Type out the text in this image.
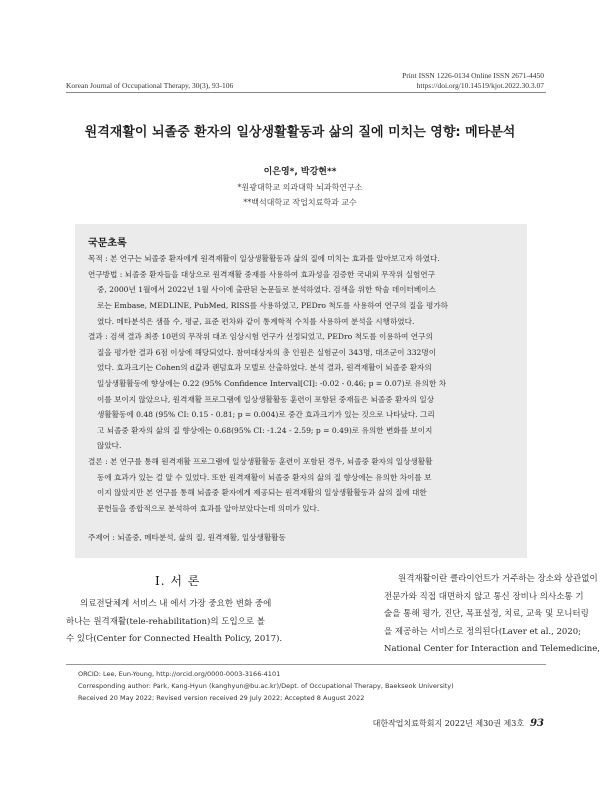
Korean Journal of Occupational Therapy, 30(3), 93-106
Print ISSN 1226-0134 Online ISSN 2671-4450
https://doi.org/10.14519/kjot.2022.30.3.07
원격재활이 뇌졸중 환자의 일상생활활동과 삶의 질에 미치는 영향: 메타분석
이은영*, 박강현**
*원광대학교 의과대학 뇌과학연구소
**백석대학교 작업치료학과 교수
국문초록
목적 : 본 연구는 뇌졸중 환자에게 원격재활이 일상생활활동과 삶의 질에 미치는 효과를 알아보고자 하였다.
연구방법 : 뇌졸중 환자들을 대상으로 원격재활 중재를 사용하여 효과성을 검증한 국내외 무작위 실험연구
중, 2000년 1월에서 2022년 1월 사이에 출판된 논문들로 분석하였다. 검색을 위한 학술 데이터베이스
로는 Embase, MEDLINE, PubMed, RISS를 사용하였고, PEDro 척도를 사용하여 연구의 질을 평가하
였다. 메타분석은 샘플 수, 평균, 표준 편차와 같이 통계학적 수치를 사용하여 분석을 시행하였다.
결과 : 검색 결과 최종 10편의 무작위 대조 임상시험 연구가 선정되었고, PEDro 척도를 이용하여 연구의
질을 평가한 결과 6점 이상에 해당되었다. 참여대상자의 총 인원은 실험군이 343명, 대조군이 332명이
었다. 효과크기는 Cohen의 d값과 랜덤효과 모델로 산출하였다. 분석 결과, 원격재활이 뇌졸중 환자의
일상생활활동에 향상에는 0.22 (95% Confidence Interval[CI]: -0.02 - 0.46; p = 0.07)로 유의한 차
이를 보이지 않았으나, 원격재활 프로그램에 일상생활활동 훈련이 포함된 중재들은 뇌졸중 환자의 일상
생활활동에 0.48 (95% CI: 0.15 - 0.81; p = 0.004)로 중간 효과크기가 있는 것으로 나타났다. 그리
고 뇌졸중 환자의 삶의 질 향상에는 0.68(95% CI: -1.24 - 2.59; p = 0.49)로 유의한 변화를 보이지
않았다.
결론 : 본 연구를 통해 원격재활 프로그램에 일상생활활동 훈련이 포함된 경우, 뇌졸중 환자의 일상생활활
동에 효과가 있는 걸 알 수 있었다. 또한 원격재활이 뇌졸중 환자의 삶의 질 향상에는 유의한 차이를 보
이지 않았지만 본 연구를 통해 뇌졸중 환자에게 제공되는 원격재활의 일상생활활동과 삶의 질에 대한
문헌들을 종합적으로 분석하여 효과를 알아보았다는데 의미가 있다.
주제어 : 뇌졸중, 메타분석, 삶의 질, 원격재활, 일상생활활동
Ⅰ. 서 론
의료전달체계 서비스 내 에서 가장 중요한 변화 중에
하나는 원격재활(tele-rehabilitation)의 도입으로 볼
수 있다(Center for Connected Health Policy, 2017).
원격재활이란 클라이언트가 거주하는 장소와 상관없이
전문가와 직접 대면하지 않고 통신 장비나 의사소통 기
술을 통해 평가, 진단, 목표설정, 치료, 교육 및 모니터링
을 제공하는 서비스로 정의된다(Laver et al., 2020;
National Center for Interaction and Telemedicine,
ORCID: Lee, Eun-Young, http://orcid.org/0000-0003-3166-4101
Corresponding author: Park, Kang-Hyun (kanghyun@bu.ac.kr)/Dept. of Occupational Therapy, Baekseok University)
Received 20 May 2022; Revised version received 29 July 2022; Accepted 8 August 2022
대한작업치료학회지 2022년 제30권 제3호 93
